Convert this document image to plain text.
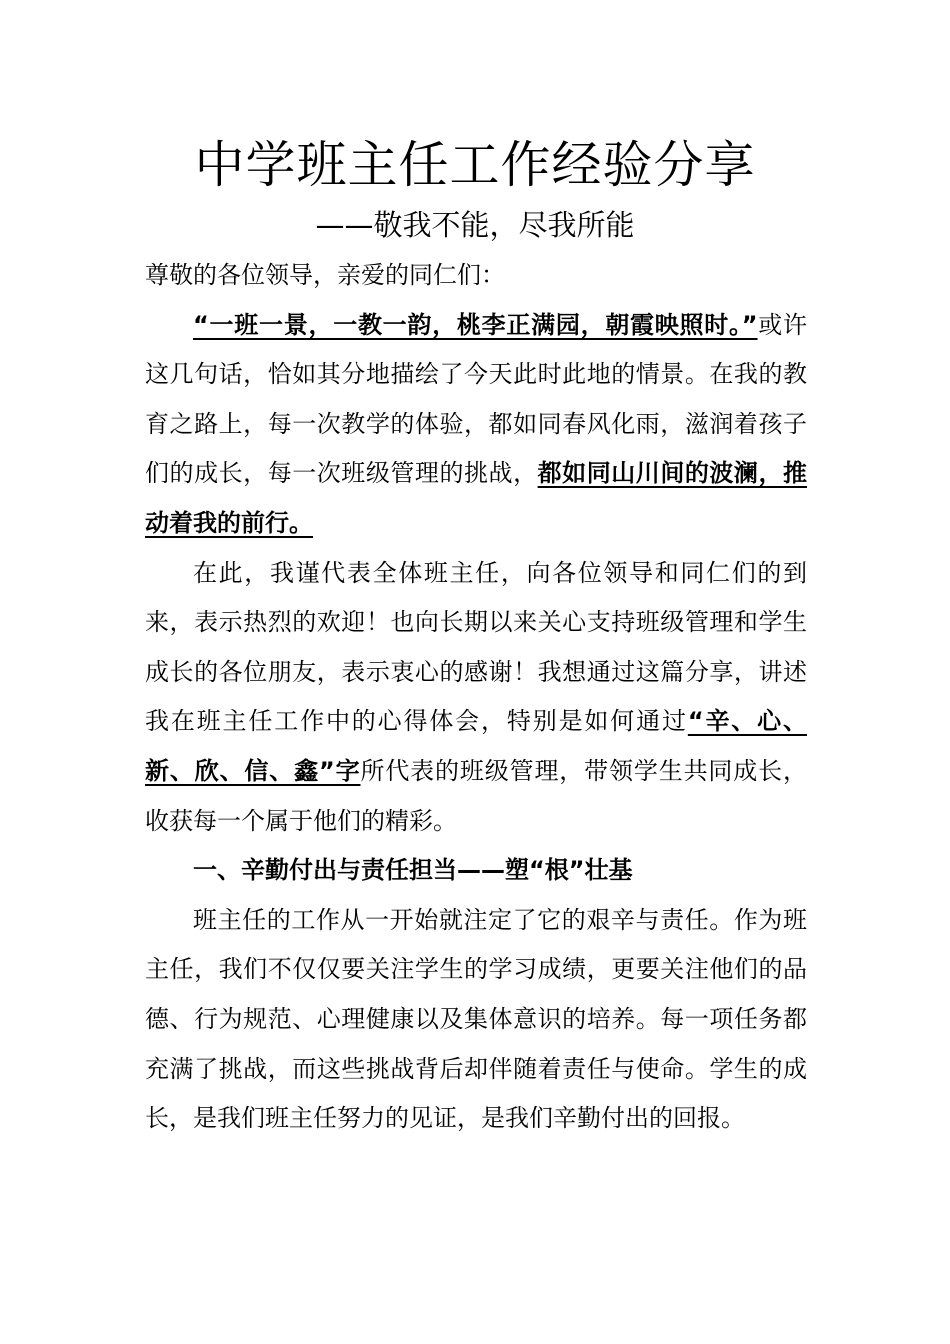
中学班主任工作经验分享
——敬我不能，尽我所能

尊敬的各位领导，亲爱的同仁们：

“一班一景，一教一韵，桃李正满园，朝霞映照时。”或许这几句话，恰如其分地描绘了今天此时此地的情景。在我的教育之路上，每一次教学的体验，都如同春风化雨，滋润着孩子们的成长，每一次班级管理的挑战，都如同山川间的波澜，推动着我的前行。

在此，我谨代表全体班主任，向各位领导和同仁们的到来，表示热烈的欢迎！也向长期以来关心支持班级管理和学生成长的各位朋友，表示衷心的感谢！我想通过这篇分享，讲述我在班主任工作中的心得体会，特别是如何通过“辛、心、新、欣、信、鑫”字所代表的班级管理，带领学生共同成长，收获每一个属于他们的精彩。

一、辛勤付出与责任担当——塑“根”壮基

班主任的工作从一开始就注定了它的艰辛与责任。作为班主任，我们不仅仅要关注学生的学习成绩，更要关注他们的品德、行为规范、心理健康以及集体意识的培养。每一项任务都充满了挑战，而这些挑战背后却伴随着责任与使命。学生的成长，是我们班主任努力的见证，是我们辛勤付出的回报。
